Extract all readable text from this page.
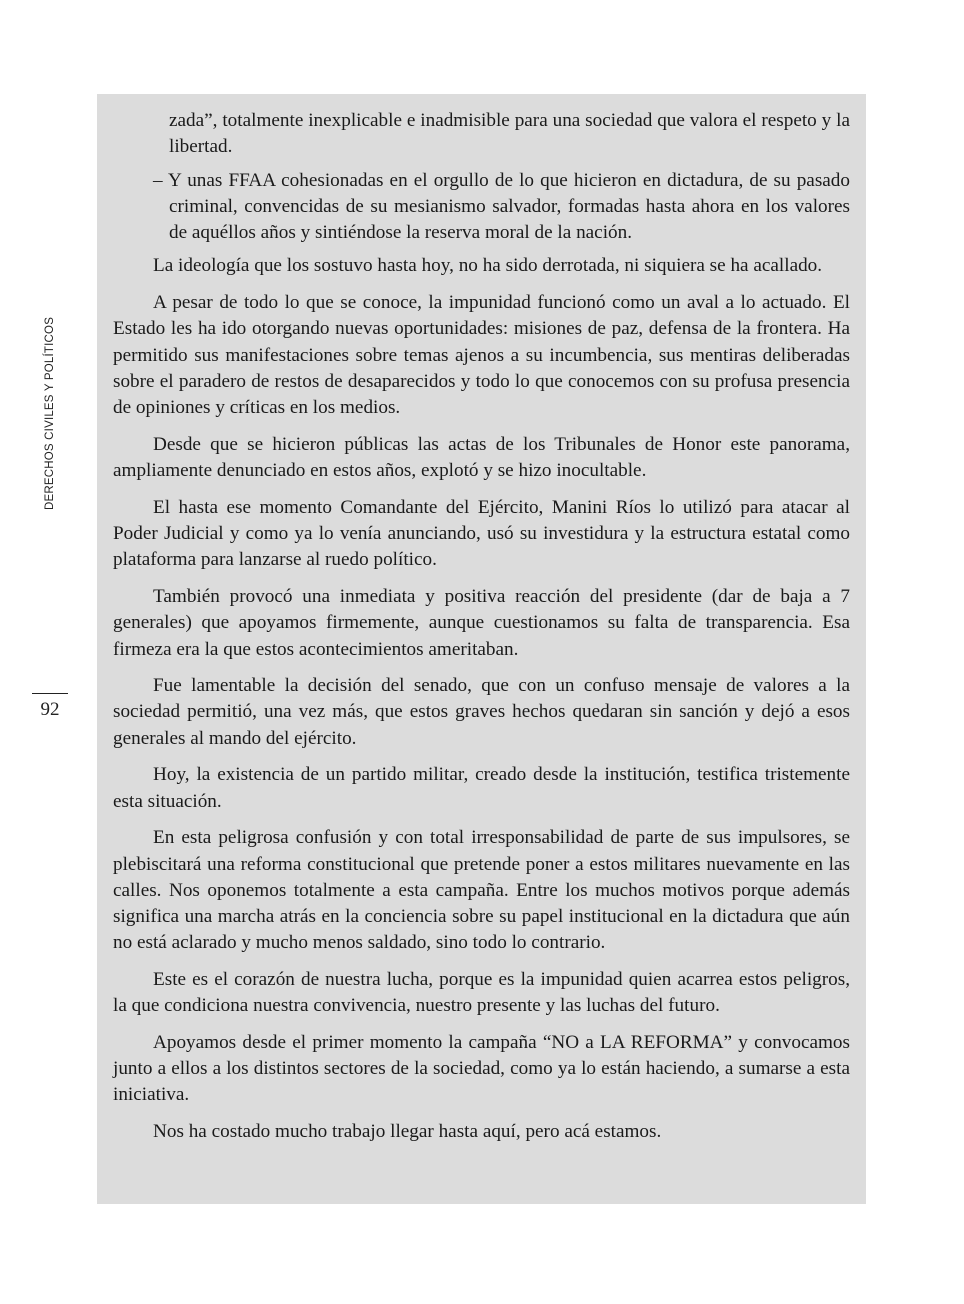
DERECHOS CIVILES Y POLÍTICOS
92

zada”, totalmente inexplicable e inadmisible para una sociedad que valora el respeto y la libertad.

– Y unas FFAA cohesionadas en el orgullo de lo que hicieron en dictadura, de su pasado criminal, convencidas de su mesianismo salvador, formadas hasta ahora en los valores de aquéllos años y sintiéndose la reserva moral de la nación.

La ideología que los sostuvo hasta hoy, no ha sido derrotada, ni siquiera se ha acallado.

A pesar de todo lo que se conoce, la impunidad funcionó como un aval a lo actuado. El Estado les ha ido otorgando nuevas oportunidades: misiones de paz, defensa de la frontera. Ha permitido sus manifestaciones sobre temas ajenos a su incumbencia, sus mentiras deliberadas sobre el paradero de restos de desaparecidos y todo lo que conocemos con su profusa presencia de opiniones y críticas en los medios.

Desde que se hicieron públicas las actas de los Tribunales de Honor este panorama, ampliamente denunciado en estos años, explotó y se hizo inocultable.

El hasta ese momento Comandante del Ejército, Manini Ríos lo utilizó para atacar al Poder Judicial y como ya lo venía anunciando, usó su investidura y la estructura estatal como plataforma para lanzarse al ruedo político.

También provocó una inmediata y positiva reacción del presidente (dar de baja a 7 generales) que apoyamos firmemente, aunque cuestionamos su falta de transparencia. Esa firmeza era la que estos acontecimientos ameritaban.

Fue lamentable la decisión del senado, que con un confuso mensaje de valores a la sociedad permitió, una vez más, que estos graves hechos quedaran sin sanción y dejó a esos generales al mando del ejército.

Hoy, la existencia de un partido militar, creado desde la institución, testifica tristemente esta situación.

En esta peligrosa confusión y con total irresponsabilidad de parte de sus impulsores, se plebiscitará una reforma constitucional que pretende poner a estos militares nuevamente en las calles. Nos oponemos totalmente a esta campaña. Entre los muchos motivos porque además significa una marcha atrás en la conciencia sobre su papel institucional en la dictadura que aún no está aclarado y mucho menos saldado, sino todo lo contrario.

Este es el corazón de nuestra lucha, porque es la impunidad quien acarrea estos peligros, la que condiciona nuestra convivencia, nuestro presente y las luchas del futuro.

Apoyamos desde el primer momento la campaña “NO a LA REFORMA” y convocamos junto a ellos a los distintos sectores de la sociedad, como ya lo están haciendo, a sumarse a esta iniciativa.

Nos ha costado mucho trabajo llegar hasta aquí, pero acá estamos.
